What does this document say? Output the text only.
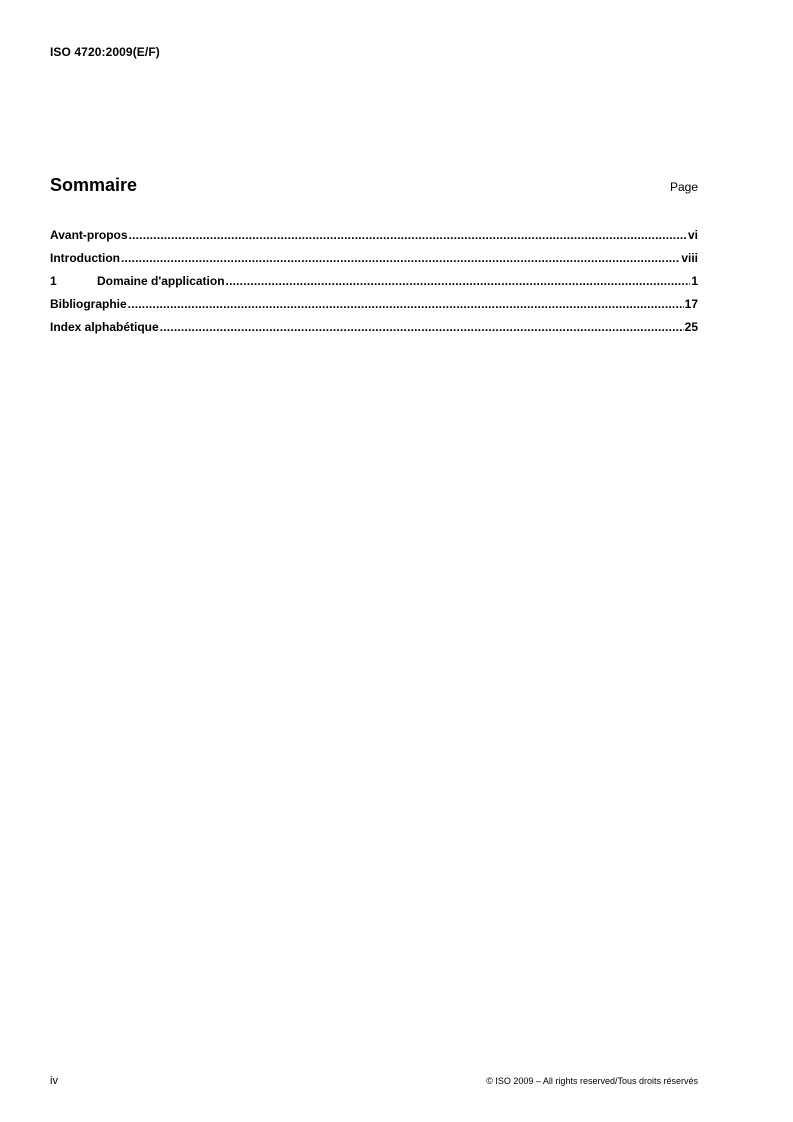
ISO 4720:2009(E/F)
Sommaire	Page
Avant-propos .....	vi
Introduction .....	viii
1	Domaine d'application .....	1
Bibliographie .....	17
Index alphabétique .....	25
iv	© ISO 2009 – All rights reserved/Tous droits réservés
